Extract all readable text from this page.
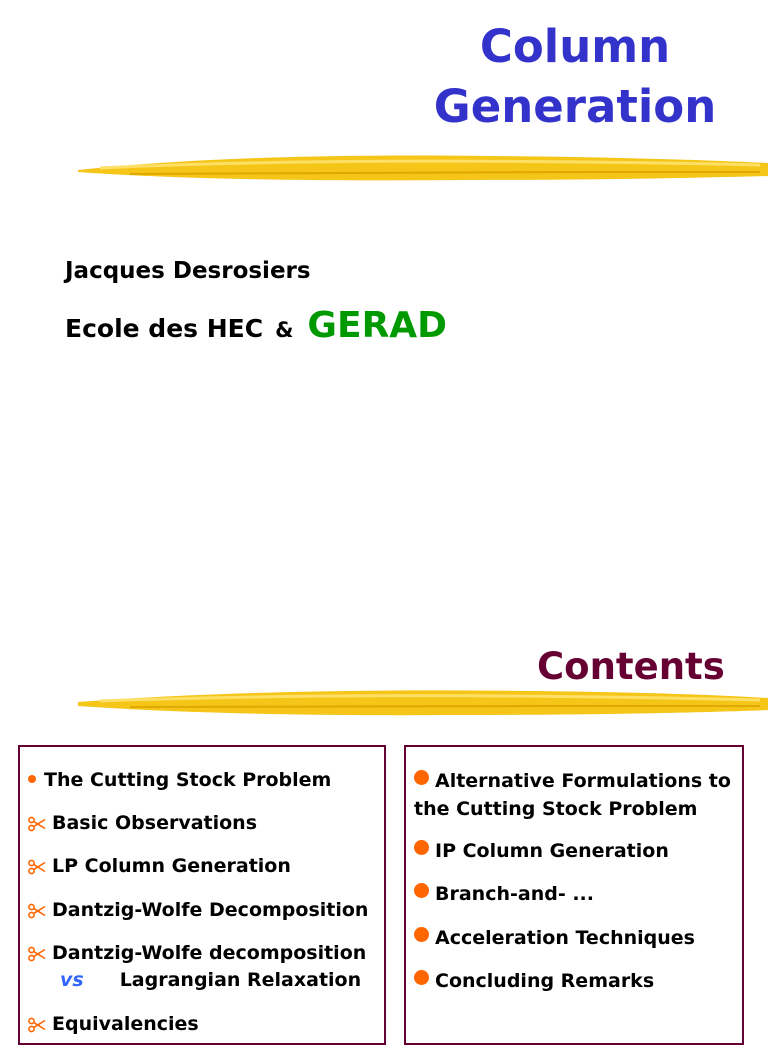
Column
Generation
Jacques Desrosiers
Ecole des HEC & GERAD
Contents
The Cutting Stock Problem
Basic Observations
LP Column Generation
Dantzig-Wolfe Decomposition
Dantzig-Wolfe decomposition
vs Lagrangian Relaxation
Equivalencies
Alternative Formulations to
the Cutting Stock Problem
IP Column Generation
Branch-and- ...
Acceleration Techniques
Concluding Remarks
